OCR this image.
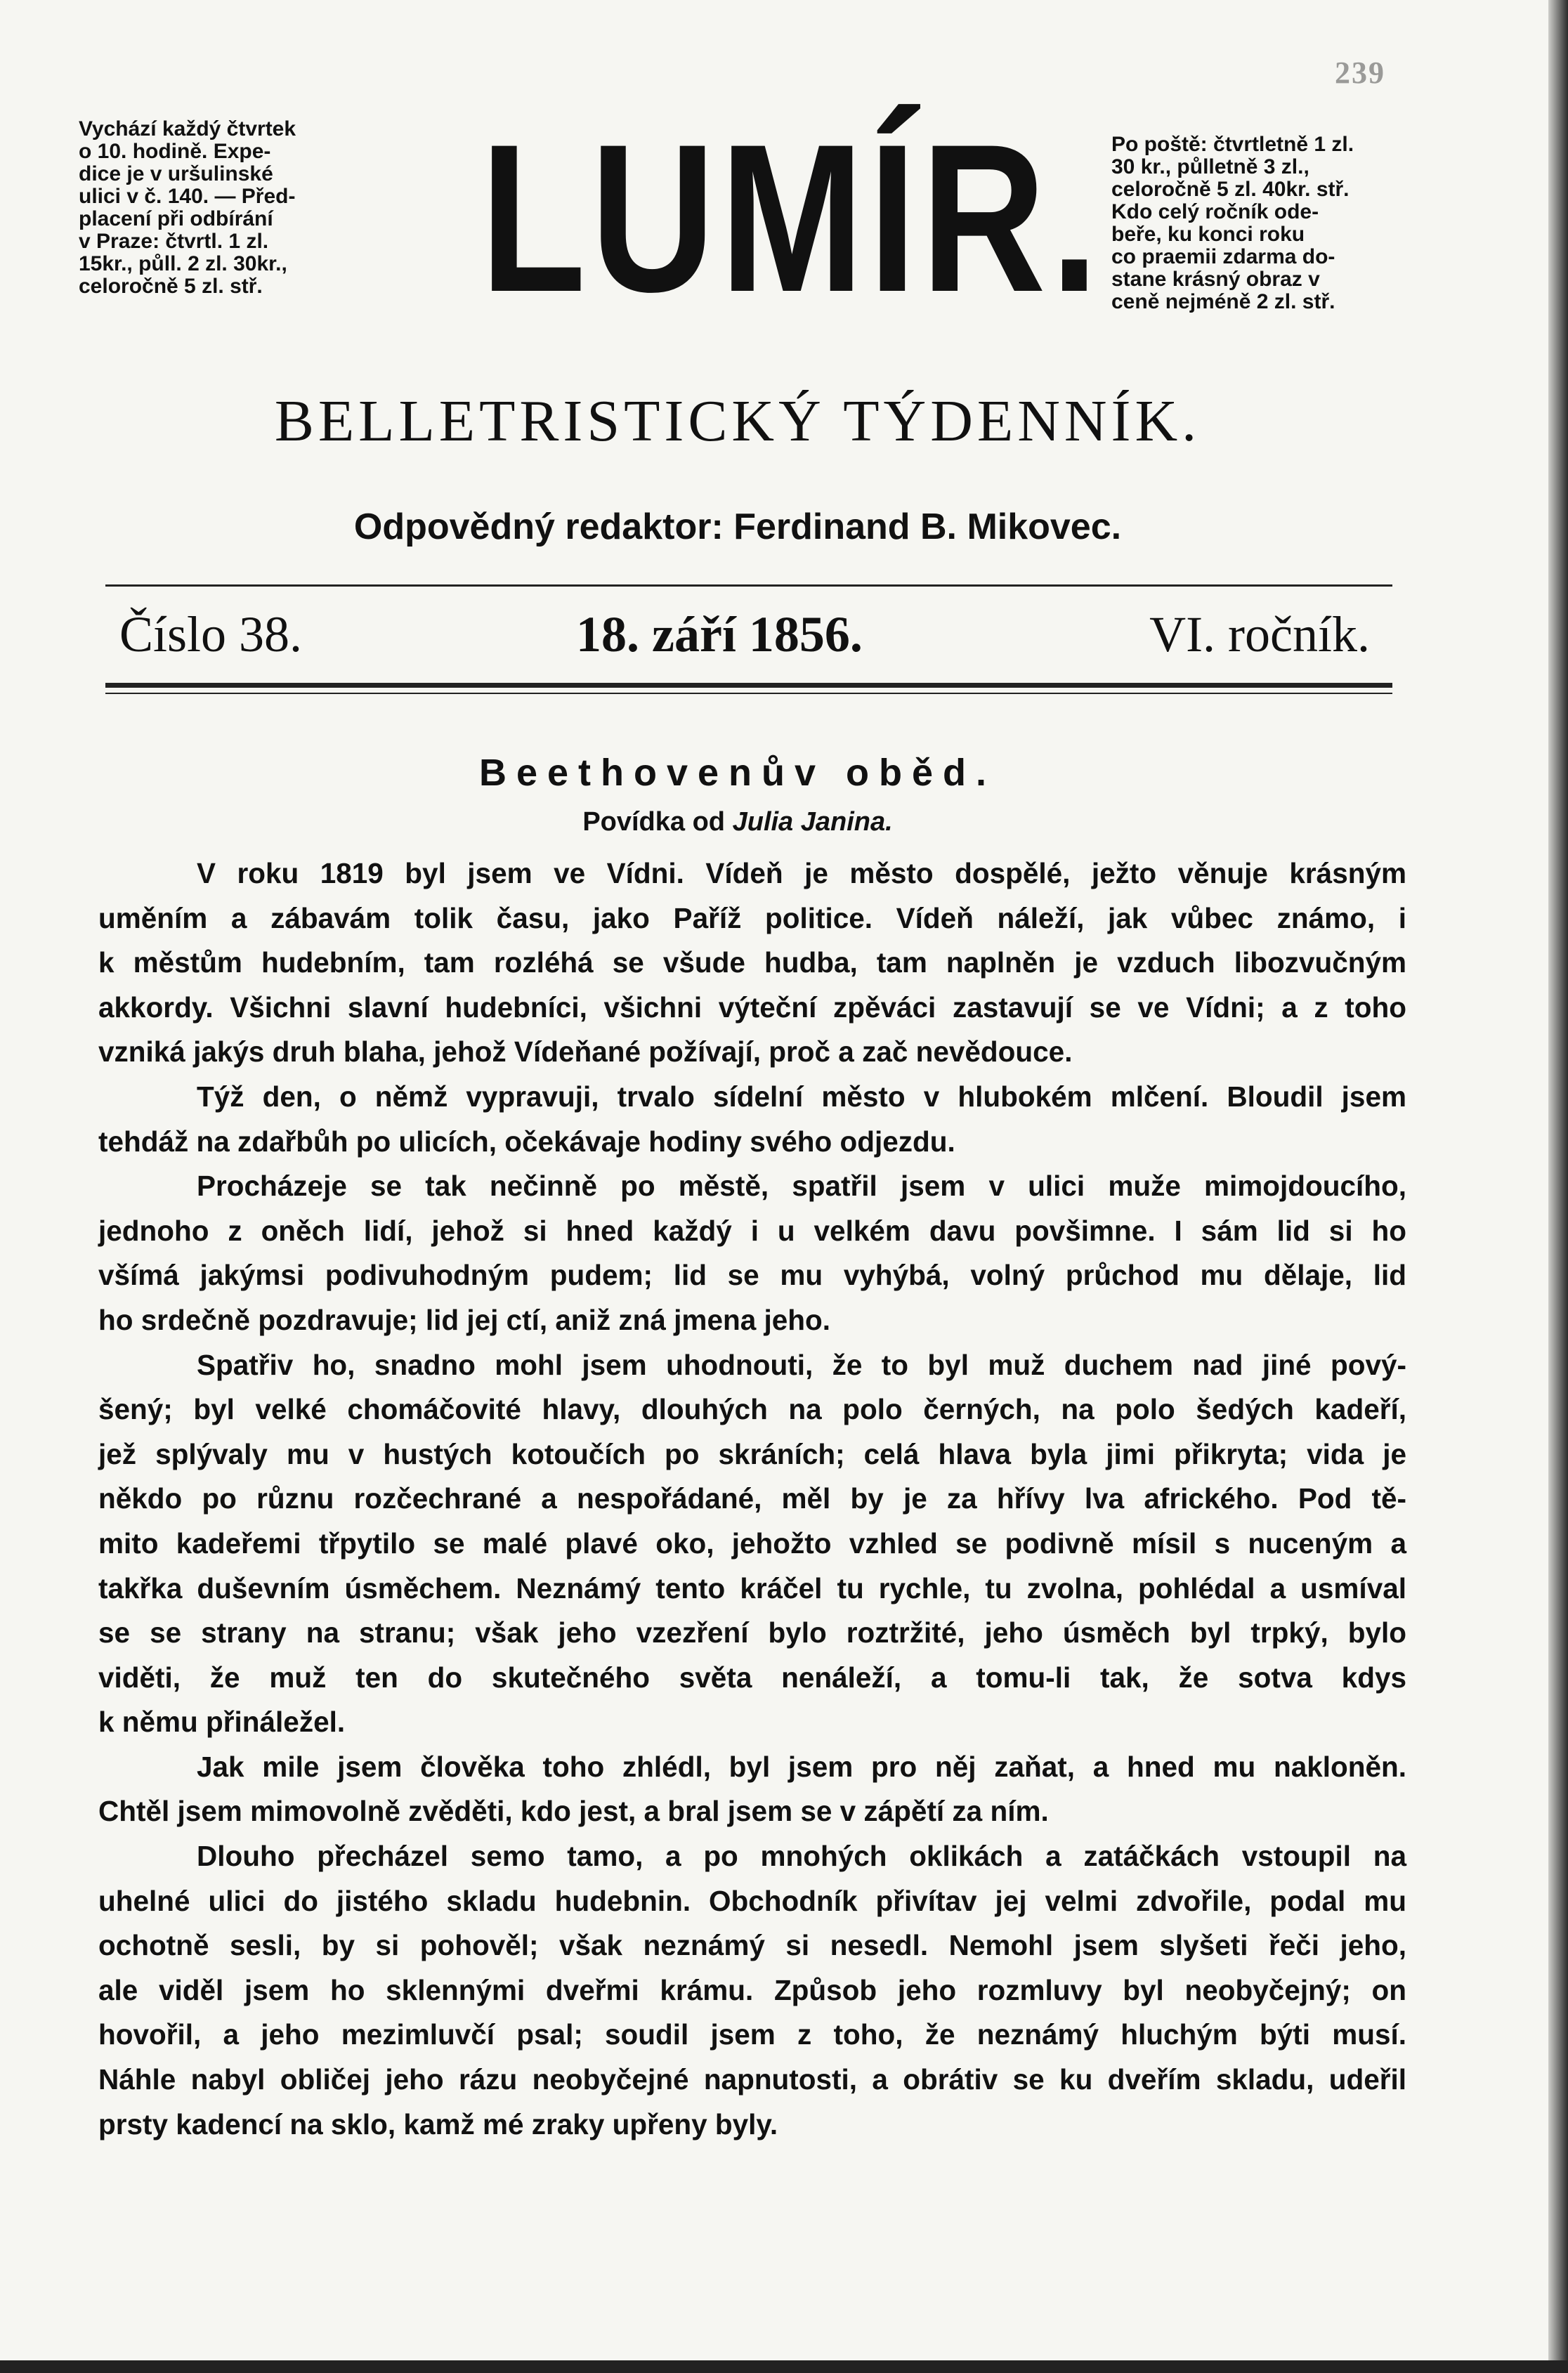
239
Vychází každý čtvrtek
o 10. hodině. Expe-
dice je v uršulinské
ulici v č. 140. — Před-
placení při odbírání
v Praze: čtvrtl. 1 zl.
15kr., půll. 2 zl. 30kr.,
celoročně 5 zl. stř.	LUMÍR. Po poště: čtvrtletně 1 zl.
30 kr., půlletně 3 zl.,
celoročně 5 zl. 40kr. stř.
Kdo celý ročník ode-
beře, ku konci roku
co praemii zdarma do-
stane krásný obraz v
ceně nejméně 2 zl. stř.
BELLETRISTICKÝ TÝDENNÍK.
Odpovědný redaktor: Ferdinand B. Mikovec.
Číslo 38.	18. září 1856.	VI. ročník.
Beethovenův oběd.
Povídka od Julia Janina.

V roku 1819 byl jsem ve Vídni. Vídeň je město dospělé, ježto věnuje krásným
uměním a zábavám tolik času, jako Paříž politice. Vídeň náleží, jak vůbec známo, i
k městům hudebním, tam rozléhá se všude hudba, tam naplněn je vzduch libozvučným
akkordy. Všichni slavní hudebníci, všichni výteční zpěváci zastavují se ve Vídni; a z toho
vzniká jakýs druh blaha, jehož Vídeňané požívají, proč a zač nevědouce.

Týž den, o němž vypravuji, trvalo sídelní město v hlubokém mlčení. Bloudil jsem
tehdáž na zdařbůh po ulicích, očekávaje hodiny svého odjezdu.

Procházeje se tak nečinně po městě, spatřil jsem v ulici muže mimojdoucího,
jednoho z oněch lidí, jehož si hned každý i u velkém davu povšimne. I sám lid si ho
všímá jakýmsi podivuhodným pudem; lid se mu vyhýbá, volný průchod mu dělaje, lid
ho srdečně pozdravuje; lid jej ctí, aniž zná jmena jeho.

Spatřiv ho, snadno mohl jsem uhodnouti, že to byl muž duchem nad jiné pový-
šený; byl velké chomáčovité hlavy, dlouhých na polo černých, na polo šedých kadeří,
jež splývaly mu v hustých kotoučích po skráních; celá hlava byla jimi přikryta; vida je
někdo po různu rozčechrané a nespořádané, měl by je za hřívy lva afrického. Pod tě-
mito kadeřemi třpytilo se malé plavé oko, jehožto vzhled se podivně mísil s nuceným a
takřka duševním úsměchem. Neznámý tento kráčel tu rychle, tu zvolna, pohlédal a usmíval
se se strany na stranu; však jeho vzezření bylo roztržité, jeho úsměch byl trpký, bylo
viděti, že muž ten do skutečného světa nenáleží, a tomu-li tak, že sotva kdys
k němu přináležel.

Jak mile jsem člověka toho zhlédl, byl jsem pro něj zaňat, a hned mu nakloněn.
Chtěl jsem mimovolně zvěděti, kdo jest, a bral jsem se v zápětí za ním.

Dlouho přecházel semo tamo, a po mnohých oklikách a zatáčkách vstoupil na
uhelné ulici do jistého skladu hudebnin. Obchodník přivítav jej velmi zdvořile, podal mu
ochotně sesli, by si pohověl; však neznámý si nesedl. Nemohl jsem slyšeti řeči jeho,
ale viděl jsem ho sklennými dveřmi krámu. Způsob jeho rozmluvy byl neobyčejný; on
hovořil, a jeho mezimluvčí psal; soudil jsem z toho, že neznámý hluchým býti musí.
Náhle nabyl obličej jeho rázu neobyčejné napnutosti, a obrátiv se ku dveřím skladu, udeřil
prsty kadencí na sklo, kamž mé zraky upřeny byly.
